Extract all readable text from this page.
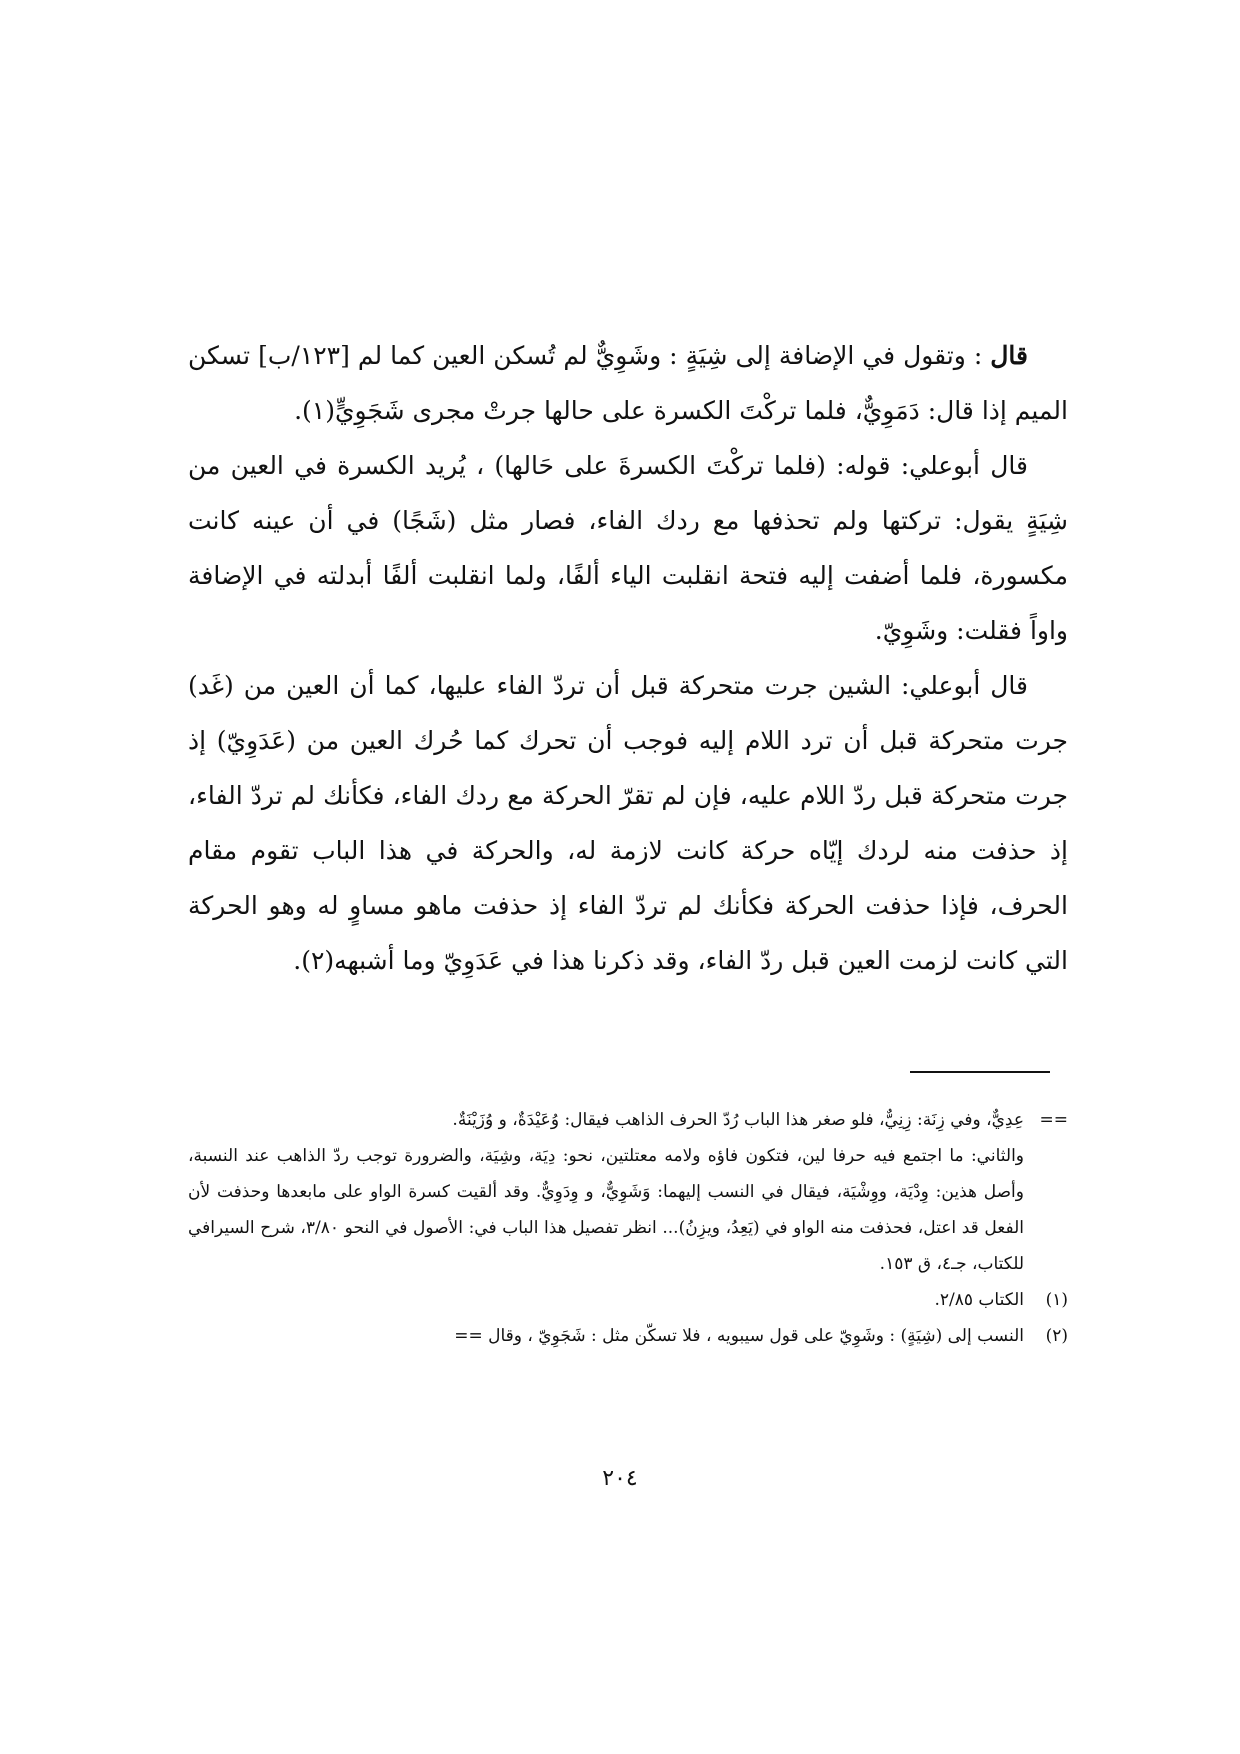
قال : وتقول في الإضافة إلى شِيَةٍ : وشَوِيٌّ لم تُسكن العين كما لم [١٢٣/ب] تسكن الميم إذا قال: دَمَوِيٌّ، فلما تركْتَ الكسرة على حالها جرتْ مجرى شَجَوِيٍّ(١).

قال أبوعلي: قوله: (فلما تركْتَ الكسرةَ على حَالها) ، يُريد الكسرة في العين من شِيَةٍ يقول: تركتها ولم تحذفها مع ردك الفاء، فصار مثل (شَجًا) في أن عينه كانت مكسورة، فلما أضفت إليه فتحة انقلبت الياء ألفًا، ولما انقلبت ألفًا أبدلته في الإضافة واواً فقلت: وشَوِيّ.

قال أبوعلي: الشين جرت متحركة قبل أن تردّ الفاء عليها، كما أن العين من (غَد) جرت متحركة قبل أن ترد اللام إليه فوجب أن تحرك كما حُرك العين من (عَدَوِيّ) إذ جرت متحركة قبل ردّ اللام عليه، فإن لم تقرّ الحركة مع ردك الفاء، فكأنك لم تردّ الفاء، إذ حذفت منه لردك إيّاه حركة كانت لازمة له، والحركة في هذا الباب تقوم مقام الحرف، فإذا حذفت الحركة فكأنك لم تردّ الفاء إذ حذفت ماهو مساوٍ له وهو الحركة التي كانت لزمت العين قبل ردّ الفاء، وقد ذكرنا هذا في عَدَوِيّ وما أشبهه(٢).

==عِدِيٌّ، وفي زِنَة: زِنِيٌّ، فلو صغر هذا الباب رُدّ الحرف الذاهب فيقال: وُعَيْدَةٌ، و وُزَيْنَةٌ.

والثاني: ما اجتمع فيه حرفا لين، فتكون فاؤه ولامه معتلتين، نحو: دِيَة، وشِيَة، والضرورة توجب ردّ الذاهب عند النسبة، وأصل هذين: وِدْيَة، ووِشْيَة، فيقال في النسب إليهما: وَشَوِيٌّ، و وِدَوِيٌّ. وقد ألقيت كسرة الواو على مابعدها وحذفت لأن الفعل قد اعتل، فحذفت منه الواو في (يَعِدُ، ويزِنُ)... انظر تفصيل هذا الباب في: الأصول في النحو ٣/٨٠، شرح السيرافي للكتاب، جـ٤، ق ١٥٣.

(١)
الكتاب ٢/٨٥.
(٢)
النسب إلى (شِيَةٍ) : وشَوِيّ على قول سيبويه ، فلا تسكّن مثل : شَجَوِيّ ، وقال ==
٢٠٤
